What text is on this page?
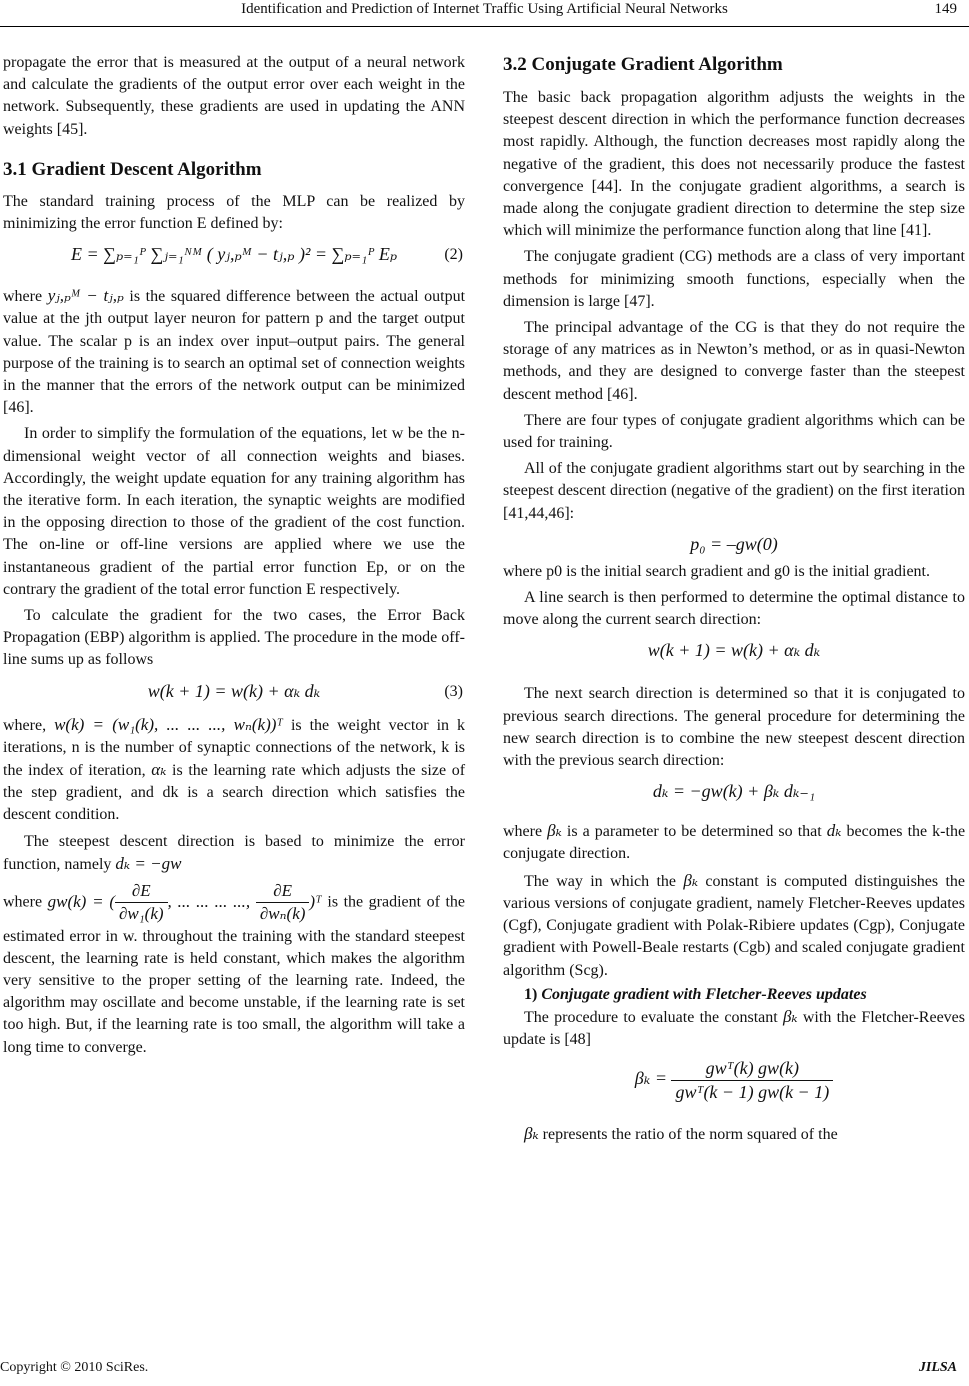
Identification and Prediction of Internet Traffic Using Artificial Neural Networks	149

propagate the error that is measured at the output of a neural network and calculate the gradients of the output error over each weight in the network. Subsequently, these gradients are used in updating the ANN weights [45].

3.1 Gradient Descent Algorithm

The standard training process of the MLP can be realized by minimizing the error function E defined by:

E = ∑ₚ₌₁ᴾ ∑ⱼ₌₁ᴺᴹ ( yⱼ,ₚᴹ − tⱼ,ₚ )² = ∑ₚ₌₁ᴾ Eₚ	(2)

where yⱼ,ₚᴹ − tⱼ,ₚ is the squared difference between the actual output value at the jth output layer neuron for pattern p and the target output value. The scalar p is an index over input–output pairs. The general purpose of the training is to search an optimal set of connection weights in the manner that the errors of the network output can be minimized [46].

In order to simplify the formulation of the equations, let w be the n-dimensional weight vector of all connection weights and biases. Accordingly, the weight update equation for any training algorithm has the iterative form. In each iteration, the synaptic weights are modified in the opposing direction to those of the gradient of the cost function. The on-line or off-line versions are applied where we use the instantaneous gradient of the partial error function Ep, or on the contrary the gradient of the total error function E respectively.

To calculate the gradient for the two cases, the Error Back Propagation (EBP) algorithm is applied. The procedure in the mode off-line sums up as follows

w(k + 1) = w(k) + αₖ dₖ	(3)

where, w(k) = (w₁(k), ... ... ..., wₙ(k))ᵀ is the weight vector in k iterations, n is the number of synaptic connections of the network, k is the index of iteration, αₖ is the learning rate which adjusts the size of the step gradient, and dk is a search direction which satisfies the descent condition.

The steepest descent direction is based to minimize the error function, namely dₖ = −gw

where gw(k) = ( $\frac{\partial E}{\text{∂w₁(k)}}$ , ... ... ... ..., $\frac{\partial E}{\text{∂wₙ(k)}}$ )ᵀ is the gradient of the estimated error in w. throughout the training with the standard steepest descent, the learning rate is held constant, which makes the algorithm very sensitive to the proper setting of the learning rate. Indeed, the algorithm may oscillate and become unstable, if the learning rate is set too high. But, if the learning rate is too small, the algorithm will take a long time to converge.

3.2 Conjugate Gradient Algorithm

The basic back propagation algorithm adjusts the weights in the steepest descent direction in which the performance function decreases most rapidly. Although, the function decreases most rapidly along the negative of the gradient, this does not necessarily produce the fastest convergence [44]. In the conjugate gradient algorithms, a search is made along the conjugate gradient direction to determine the step size which will minimize the performance function along that line [41].

The conjugate gradient (CG) methods are a class of very important methods for minimizing smooth functions, especially when the dimension is large [47].

The principal advantage of the CG is that they do not require the storage of any matrices as in Newton’s method, or as in quasi-Newton methods, and they are designed to converge faster than the steepest descent method [46].

There are four types of conjugate gradient algorithms which can be used for training.

All of the conjugate gradient algorithms start out by searching in the steepest descent direction (negative of the gradient) on the first iteration [41,44,46]:

p₀ = –gw(0)

where p0 is the initial search gradient and g0 is the initial gradient.

A line search is then performed to determine the optimal distance to move along the current search direction:

w(k + 1) = w(k) + αₖ dₖ

The next search direction is determined so that it is conjugated to previous search directions. The general procedure for determining the new search direction is to combine the new steepest descent direction with the previous search direction:

dₖ = −gw(k) + βₖ dₖ₋₁

where βₖ is a parameter to be determined so that dₖ becomes the k-the conjugate direction.

The way in which the βₖ constant is computed distinguishes the various versions of conjugate gradient, namely Fletcher-Reeves updates (Cgf), Conjugate gradient with Polak-Ribiere updates (Cgp), Conjugate gradient with Powell-Beale restarts (Cgb) and scaled conjugate gradient algorithm (Scg).

1) Conjugate gradient with Fletcher-Reeves updates

The procedure to evaluate the constant βₖ with the Fletcher-Reeves update is [48]

$\beta_k = \frac{\text{gwᵀ(k) gw(k)}}{\text{gwᵀ(k − 1) gw(k − 1)}}$

βₖ represents the ratio of the norm squared of the

Copyright © 2010 SciRes.	JILSA
